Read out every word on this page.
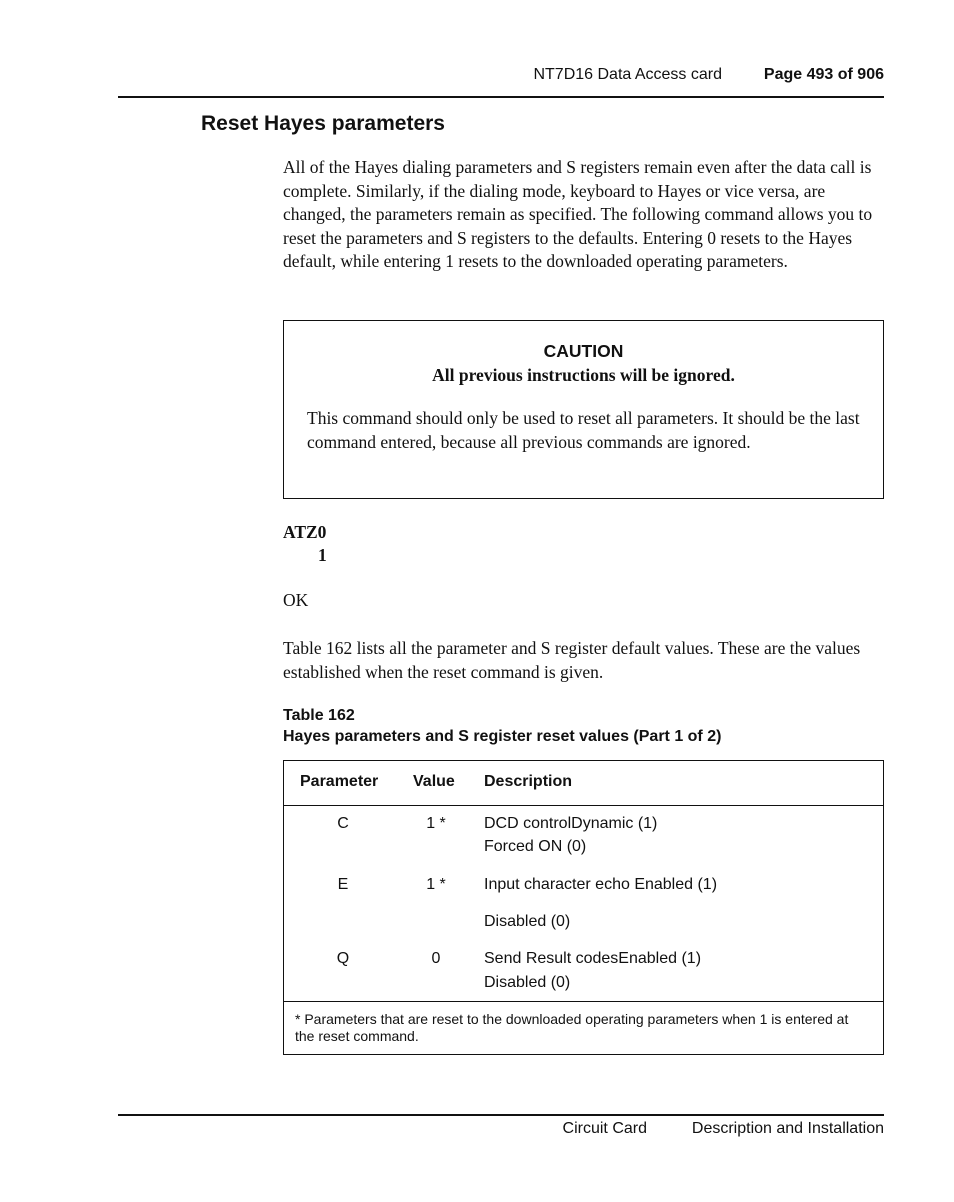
NT7D16 Data Access card	Page 493 of 906
Reset Hayes parameters
All of the Hayes dialing parameters and S registers remain even after the data call is complete. Similarly, if the dialing mode, keyboard to Hayes or vice versa, are changed, the parameters remain as specified. The following command allows you to reset the parameters and S registers to the defaults. Entering 0 resets to the Hayes default, while entering 1 resets to the downloaded operating parameters.
CAUTION
All previous instructions will be ignored.
This command should only be used to reset all parameters. It should be the last command entered, because all previous commands are ignored.
ATZ0
1
OK
Table 162 lists all the parameter and S register default values. These are the values established when the reset command is given.
Table 162
Hayes parameters and S register reset values (Part 1 of 2)
Parameter Value Description
C	1 *	DCD controlDynamic (1)
Forced ON (0)
E	1 *	Input character echo Enabled (1)
Disabled (0)
Q	0	Send Result codesEnabled (1)
Disabled (0)
* Parameters that are reset to the downloaded operating parameters when 1 is entered at the reset command.
Circuit Card	Description and Installation
